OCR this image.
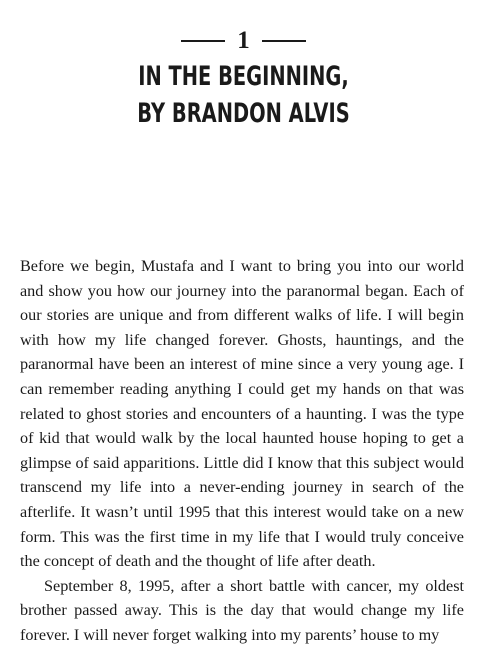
1
IN THE BEGINNING,
BY BRANDON ALVIS

Before we begin, Mustafa and I want to bring you into our world and show you how our journey into the paranormal began. Each of our stories are unique and from different walks of life. I will begin with how my life changed forever. Ghosts, hauntings, and the paranormal have been an interest of mine since a very young age. I can remember reading anything I could get my hands on that was related to ghost stories and encounters of a haunting. I was the type of kid that would walk by the local haunted house hoping to get a glimpse of said apparitions. Little did I know that this subject would transcend my life into a never-ending journey in search of the afterlife. It wasn’t until 1995 that this interest would take on a new form. This was the first time in my life that I would truly conceive the concept of death and the thought of life after death.

September 8, 1995, after a short battle with cancer, my oldest brother passed away. This is the day that would change my life forever. I will never forget walking into my parents’ house to my
